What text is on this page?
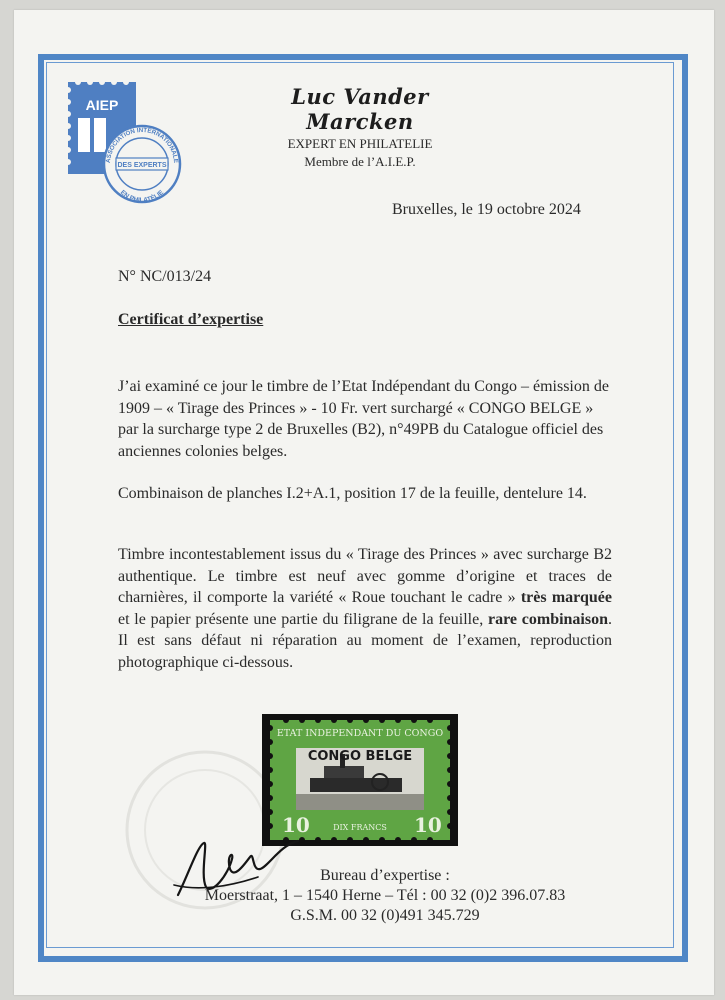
AIEP
ASSOCIATION INTERNATIONALE
DES EXPERTS
EN PHILATÉLIE
Luc Vander Marcken
EXPERT EN PHILATELIE
Membre de l’A.I.E.P.
Bruxelles, le 19 octobre 2024
N° NC/013/24
Certificat d’expertise
J’ai examiné ce jour le timbre de l’Etat Indépendant du Congo – émission de 1909 – « Tirage des Princes » - 10 Fr. vert surchargé « CONGO BELGE » par la surcharge type 2 de Bruxelles (B2), n°49PB du Catalogue officiel des anciennes colonies belges.
Combinaison de planches I.2+A.1, position 17 de la feuille, dentelure 14.
Timbre incontestablement issus du « Tirage des Princes » avec surcharge B2 authentique. Le timbre est neuf avec gomme d’origine et traces de charnières, il comporte la variété « Roue touchant le cadre » très marquée et le papier présente une partie du filigrane de la feuille, rare combinaison. Il est sans défaut ni réparation au moment de l’examen, reproduction photographique ci-dessous.
ETAT INDEPENDANT DU CONGO
CONGO BELGE
10	10
DIX FRANCS
Bureau d’expertise :
Moerstraat, 1 – 1540 Herne – Tél : 00 32 (0)2 396.07.83
G.S.M. 00 32 (0)491 345.729
